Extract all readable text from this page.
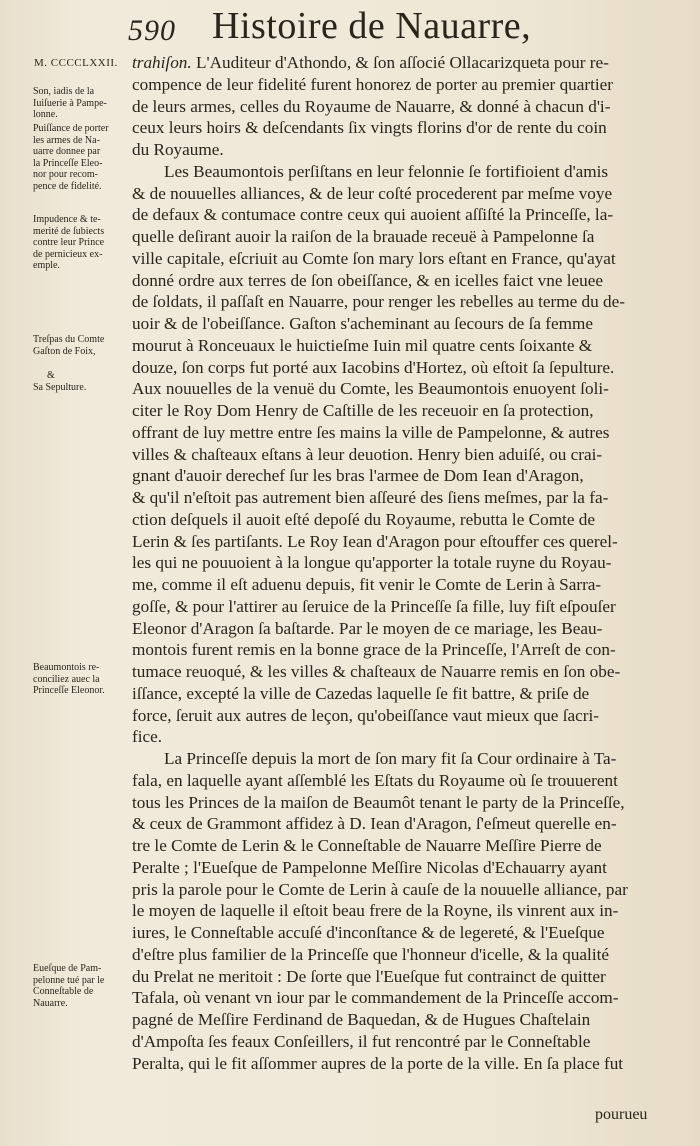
590 Histoire de Nauarre,
M. CCCCLXXII.
Son, iadis de la
Iuiſuerie à Pampe-
lonne.
Puiſſance de porter
les armes de Na-
uarre donnee par
la Princeſſe Eleo-
nor pour recom-
pence de fidelité.
Impudence & te-
merité de ſubiects
contre leur Prince
de pernicieux ex-
emple.
Treſpas du Comte
Gaſton de Foix,
&
Sa Sepulture.
Beaumontois re-
conciliez auec la
Princeſſe Eleonor.
Eueſque de Pam-
pelonne tué par le
Conneſtable de
Nauarre.
trahiſon. L'Auditeur d'Athondo, & ſon aſſocié Ollacarizqueta pour re-
compence de leur fidelité furent honorez de porter au premier quartier
de leurs armes, celles du Royaume de Nauarre, & donné à chacun d'i-
ceux leurs hoirs & deſcendants ſix vingts florins d'or de rente du coin
du Royaume.
Les Beaumontois perſiſtans en leur felonnie ſe fortifioient d'amis
& de nouuelles alliances, & de leur coſté procederent par meſme voye
de defaux & contumace contre ceux qui auoient aſſiſté la Princeſſe, la-
quelle deſirant auoir la raiſon de la brauade receuë à Pampelonne ſa
ville capitale, eſcriuit au Comte ſon mary lors eſtant en France, qu'ayat
donné ordre aux terres de ſon obeiſſance, & en icelles faict vne leuee
de ſoldats, il paſſaſt en Nauarre, pour renger les rebelles au terme du de-
uoir & de l'obeiſſance. Gaſton s'acheminant au ſecours de ſa femme
mourut à Ronceuaux le huictieſme Iuin mil quatre cents ſoixante &
douze, ſon corps fut porté aux Iacobins d'Hortez, où eſtoit ſa ſepulture.
Aux nouuelles de la venuë du Comte, les Beaumontois enuoyent ſoli-
citer le Roy Dom Henry de Caſtille de les receuoir en ſa protection,
offrant de luy mettre entre ſes mains la ville de Pampelonne, & autres
villes & chaſteaux eſtans à leur deuotion. Henry bien aduiſé, ou crai-
gnant d'auoir derechef ſur les bras l'armee de Dom Iean d'Aragon,
& qu'il n'eſtoit pas autrement bien aſſeuré des ſiens meſmes, par la fa-
ction deſquels il auoit eſté depoſé du Royaume, rebutta le Comte de
Lerin & ſes partiſants. Le Roy Iean d'Aragon pour eſtouffer ces querel-
les qui ne pouuoient à la longue qu'apporter la totale ruyne du Royau-
me, comme il eſt aduenu depuis, fit venir le Comte de Lerin à Sarra-
goſſe, & pour l'attirer au ſeruice de la Princeſſe ſa fille, luy fiſt eſpouſer
Eleonor d'Aragon ſa baſtarde. Par le moyen de ce mariage, les Beau-
montois furent remis en la bonne grace de la Princeſſe, l'Arreſt de con-
tumace reuoqué, & les villes & chaſteaux de Nauarre remis en ſon obe-
iſſance, excepté la ville de Cazedas laquelle ſe fit battre, & priſe de
force, ſeruit aux autres de leçon, qu'obeiſſance vaut mieux que ſacri-
fice.
La Princeſſe depuis la mort de ſon mary fit ſa Cour ordinaire à Ta-
fala, en laquelle ayant aſſemblé les Eſtats du Royaume où ſe trouuerent
tous les Princes de la maiſon de Beaumôt tenant le party de la Princeſſe,
& ceux de Grammont affidez à D. Iean d'Aragon, ſ'eſmeut querelle en-
tre le Comte de Lerin & le Conneſtable de Nauarre Meſſire Pierre de
Peralte ; l'Eueſque de Pampelonne Meſſire Nicolas d'Echauarry ayant
pris la parole pour le Comte de Lerin à cauſe de la nouuelle alliance, par
le moyen de laquelle il eſtoit beau frere de la Royne, ils vinrent aux in-
iures, le Conneſtable accuſé d'inconſtance & de legereté, & l'Eueſque
d'eſtre plus familier de la Princeſſe que l'honneur d'icelle, & la qualité
du Prelat ne meritoit : De ſorte que l'Eueſque fut contrainct de quitter
Tafala, où venant vn iour par le commandement de la Princeſſe accom-
pagné de Meſſire Ferdinand de Baquedan, & de Hugues Chaſtelain
d'Ampoſta ſes feaux Conſeillers, il fut rencontré par le Conneſtable
Peralta, qui le fit aſſommer aupres de la porte de la ville. En ſa place fut
pourueu
